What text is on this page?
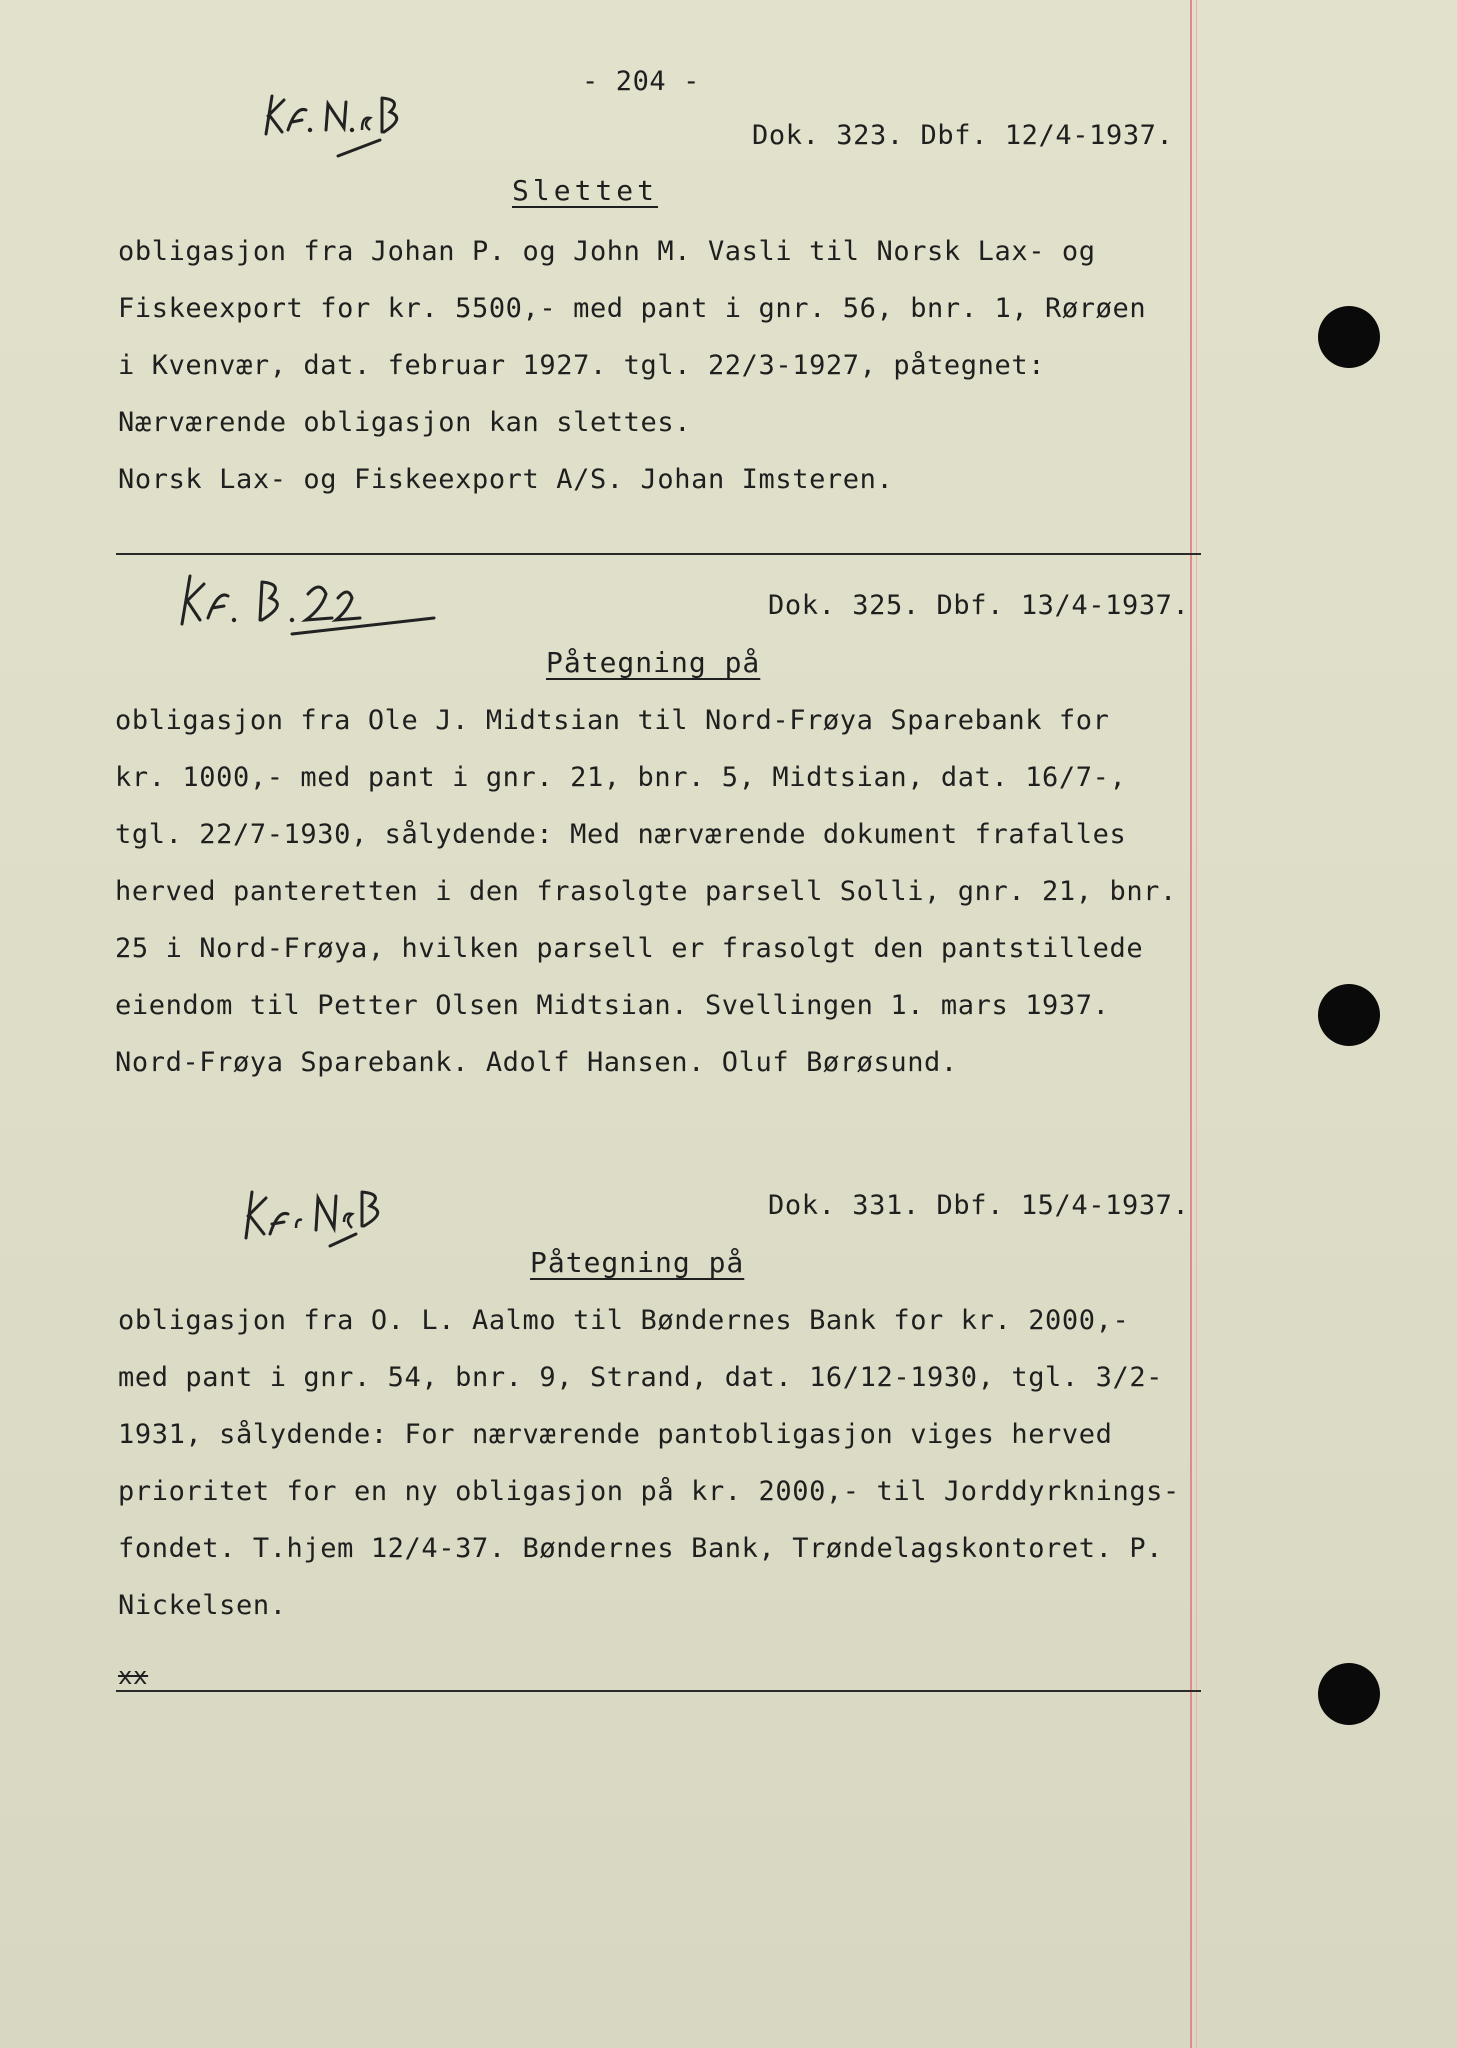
- 204 -
Dok. 323. Dbf. 12/4-1937.
Slettet
obligasjon fra Johan P. og John M. Vasli til Norsk Lax- og
Fiskeexport for kr. 5500,- med pant i gnr. 56, bnr. 1, Rørøen
i Kvenvær, dat. februar 1927. tgl. 22/3-1927, påtegnet:
Nærværende obligasjon kan slettes.
Norsk Lax- og Fiskeexport A/S. Johan Imsteren.
Dok. 325. Dbf. 13/4-1937.
Påtegning på
obligasjon fra Ole J. Midtsian til Nord-Frøya Sparebank for
kr. 1000,- med pant i gnr. 21, bnr. 5, Midtsian, dat. 16/7-,
tgl. 22/7-1930, sålydende: Med nærværende dokument frafalles
herved panteretten i den frasolgte parsell Solli, gnr. 21, bnr.
25 i Nord-Frøya, hvilken parsell er frasolgt den pantstillede
eiendom til Petter Olsen Midtsian. Svellingen 1. mars 1937.
Nord-Frøya Sparebank. Adolf Hansen. Oluf Børøsund.
Dok. 331. Dbf. 15/4-1937.
Påtegning på
obligasjon fra O. L. Aalmo til Bøndernes Bank for kr. 2000,-
med pant i gnr. 54, bnr. 9, Strand, dat. 16/12-1930, tgl. 3/2-
1931, sålydende: For nærværende pantobligasjon viges herved
prioritet for en ny obligasjon på kr. 2000,- til Jorddyrknings-
fondet. T.hjem 12/4-37. Bøndernes Bank, Trøndelagskontoret. P.
Nickelsen.
xx
